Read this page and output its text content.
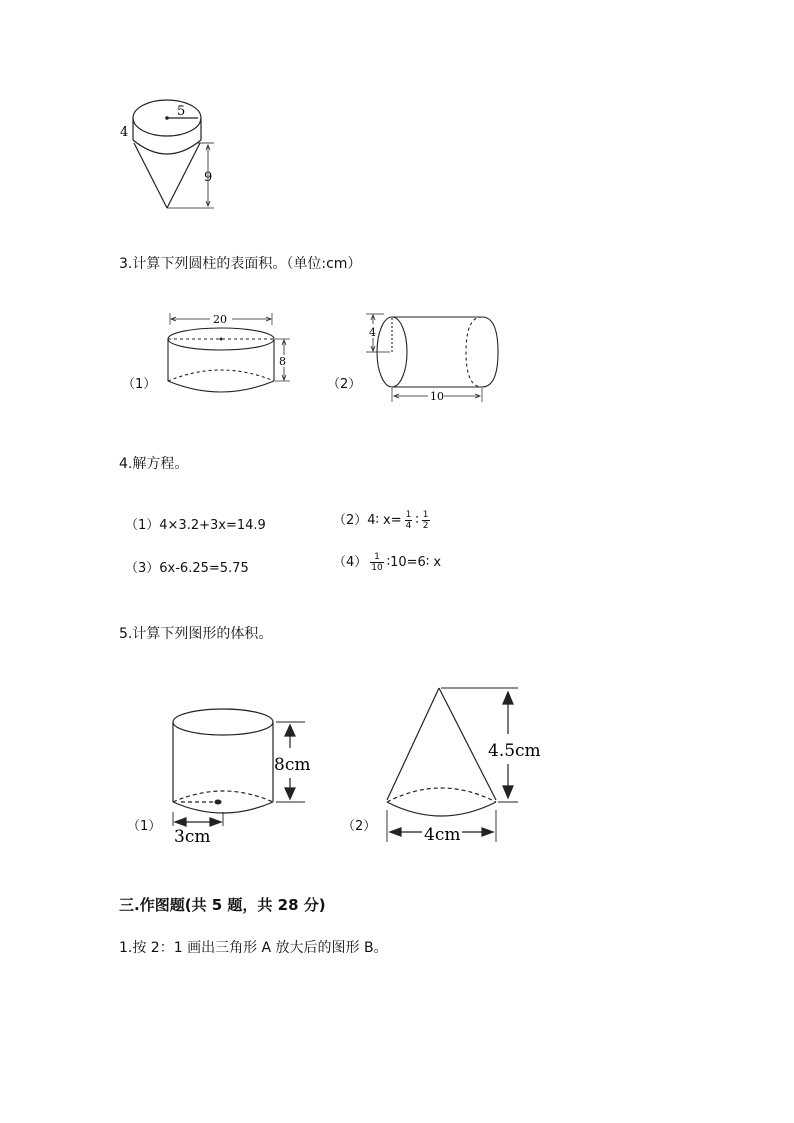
5
4
9
3.计算下列圆柱的表面积。（单位:cm）
（1）
20
8
（2）
4
10
4.解方程。
（1）4×3.2+3x=14.9	（2）4∶ $x= \frac{1}{4}$ ∶ $\frac{1}{2}$
（3）6x-6.25=5.75	$(4) \frac{1}{10}$ ∶10=6∶ x
5.计算下列图形的体积。
（1）
8cm
3cm
（2）
4.5cm
4cm
三.作图题(共 5 题，共 28 分)
1.按 2：1 画出三角形 A 放大后的图形 B。
